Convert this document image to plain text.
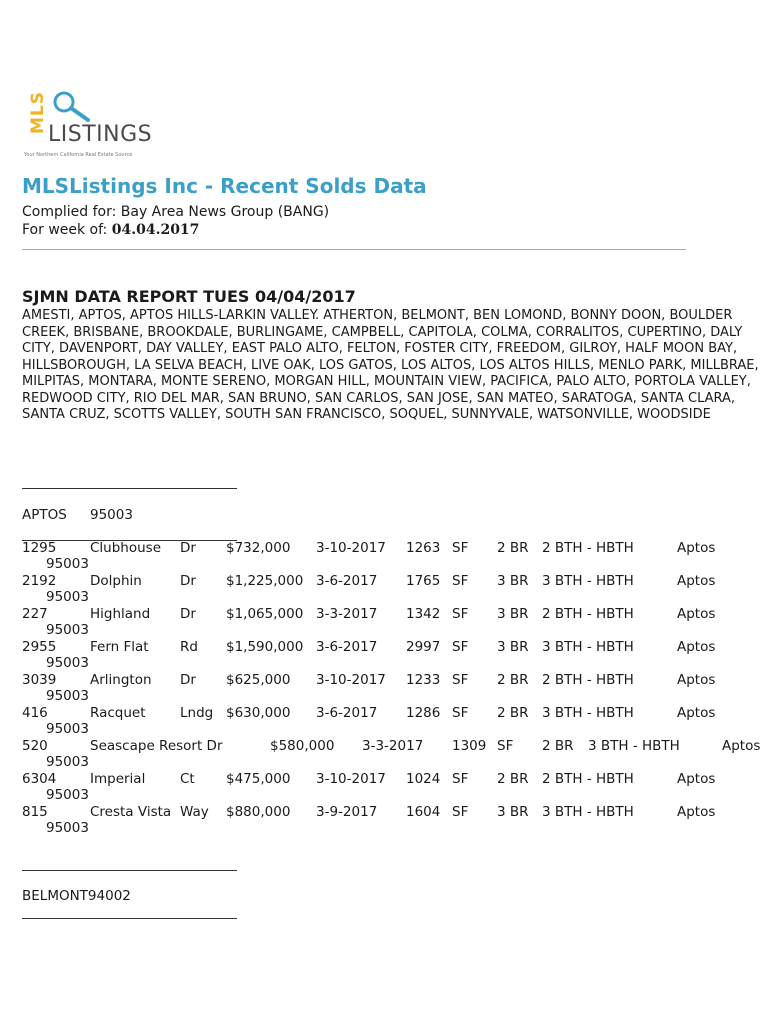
MLS
LISTINGS
Your Northern California Real Estate Source
MLSListings Inc - Recent Solds Data
Complied for: Bay Area News Group (BANG)
For week of: 04.04.2017
SJMN DATA REPORT TUES 04/04/2017
AMESTI, APTOS, APTOS HILLS-LARKIN VALLEY. ATHERTON, BELMONT, BEN LOMOND, BONNY DOON, BOULDER CREEK, BRISBANE, BROOKDALE, BURLINGAME, CAMPBELL, CAPITOLA, COLMA, CORRALITOS, CUPERTINO, DALY CITY, DAVENPORT, DAY VALLEY, EAST PALO ALTO, FELTON, FOSTER CITY, FREEDOM, GILROY, HALF MOON BAY, HILLSBOROUGH, LA SELVA BEACH, LIVE OAK, LOS GATOS, LOS ALTOS, LOS ALTOS HILLS, MENLO PARK, MILLBRAE, MILPITAS, MONTARA, MONTE SERENO, MORGAN HILL, MOUNTAIN VIEW, PACIFICA, PALO ALTO, PORTOLA VALLEY, REDWOOD CITY, RIO DEL MAR, SAN BRUNO, SAN CARLOS, SAN JOSE, SAN MATEO, SARATOGA, SANTA CLARA, SANTA CRUZ, SCOTTS VALLEY, SOUTH SAN FRANCISCO, SOQUEL, SUNNYVALE, WATSONVILLE, WOODSIDE
APTOS 95003
1295 Clubhouse Dr $732,000 3-10-2017 1263 SF 2 BR 2 BTH - HBTH	Aptos
95003
2192 Dolphin	Dr $1,225,000 3-6-2017 1765 SF 3 BR 3 BTH - HBTH	Aptos
95003
227	Highland Dr $1,065,000 3-3-2017 1342 SF 3 BR 2 BTH - HBTH	Aptos
95003
2955 Fern Flat Rd $1,590,000 3-6-2017 2997 SF 3 BR 3 BTH - HBTH	Aptos
95003
3039 Arlington Dr $625,000 3-10-2017 1233 SF 2 BR 2 BTH - HBTH	Aptos
95003
416	Racquet	Lndg $630,000 3-6-2017 1286 SF 2 BR 3 BTH - HBTH	Aptos
95003
520	Seascape Resort Dr	$580,000 3-3-2017 1309 SF 2 BR 3 BTH - HBTH	Aptos
95003
6304 Imperial	Ct $475,000 3-10-2017 1024 SF 2 BR 2 BTH - HBTH	Aptos
95003
815	Cresta Vista Way $880,000 3-9-2017 1604 SF 3 BR 3 BTH - HBTH	Aptos
95003
BELMONT94002
